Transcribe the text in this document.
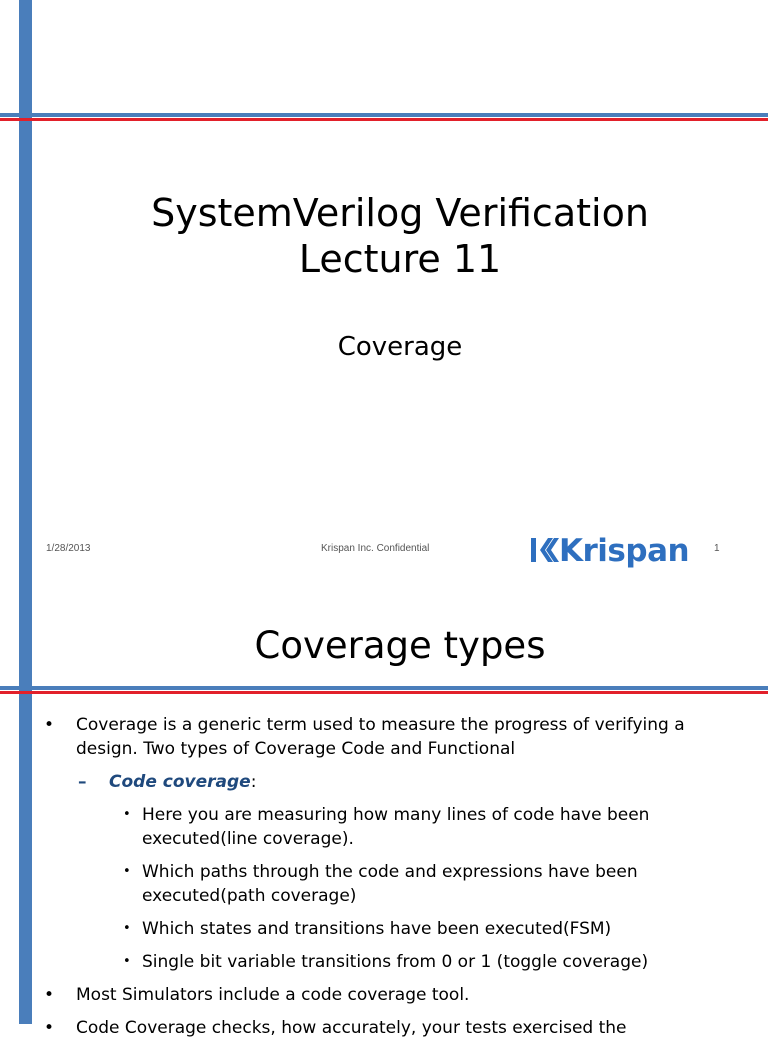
SystemVerilog Verification
Lecture 11
Coverage
1/28/2013	Krispan Inc. Confidential	Krispan 1
Coverage types
• Coverage is a generic term used to measure the progress of verifying a design. Two types of Coverage Code and Functional
– Code coverage:
• Here you are measuring how many lines of code have been executed(line coverage).
• Which paths through the code and expressions have been executed(path coverage)
• Which states and transitions have been executed(FSM)
• Single bit variable transitions from 0 or 1 (toggle coverage)
• Most Simulators include a code coverage tool.
• Code Coverage checks, how accurately, your tests exercised the
